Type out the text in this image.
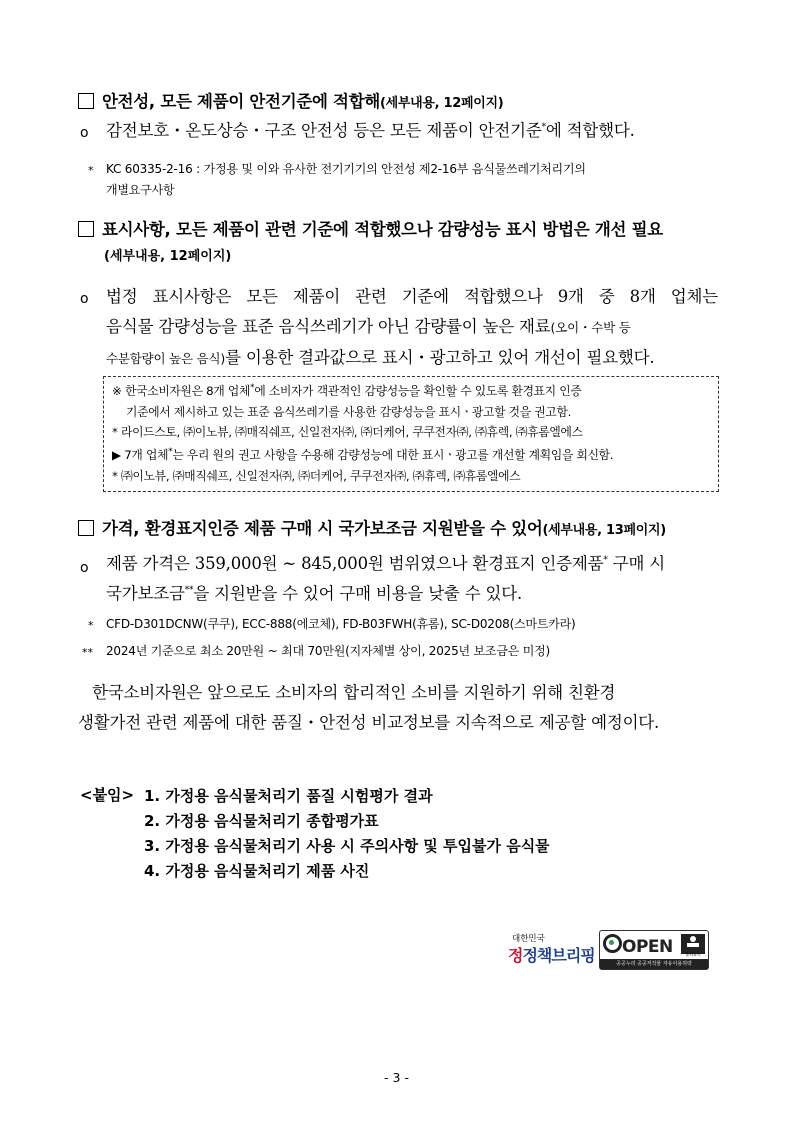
안전성, 모든 제품이 안전기준에 적합해(세부내용, 12페이지)
o 감전보호・온도상승・구조 안전성 등은 모든 제품이 안전기준*에 적합했다.
* KC 60335-2-16 : 가정용 및 이와 유사한 전기기기의 안전성 제2-16부 음식물쓰레기처리기의
개별요구사항
표시사항, 모든 제품이 관련 기준에 적합했으나 감량성능 표시 방법은 개선 필요
(세부내용, 12페이지)
o 법정 표시사항은 모든 제품이 관련 기준에 적합했으나 9개 중 8개 업체는
음식물 감량성능을 표준 음식쓰레기가 아닌 감량률이 높은 재료(오이・수박 등
수분함량이 높은 음식)를 이용한 결과값으로 표시・광고하고 있어 개선이 필요했다.
※ 한국소비자원은 8개 업체*에 소비자가 객관적인 감량성능을 확인할 수 있도록 환경표지 인증
기준에서 제시하고 있는 표준 음식쓰레기를 사용한 감량성능을 표시ㆍ광고할 것을 권고함.
* 라이드스토, ㈜이노뷰, ㈜매직쉐프, 신일전자㈜, ㈜더케어, 쿠쿠전자㈜, ㈜휴렉, ㈜휴롬엘에스
▶ 7개 업체*는 우리 원의 권고 사항을 수용해 감량성능에 대한 표시ㆍ광고를 개선할 계획임을 회신함.
* ㈜이노뷰, ㈜매직쉐프, 신일전자㈜, ㈜더케어, 쿠쿠전자㈜, ㈜휴렉, ㈜휴롬엘에스
가격, 환경표지인증 제품 구매 시 국가보조금 지원받을 수 있어(세부내용, 13페이지)
o 제품 가격은 359,000원 ~ 845,000원 범위였으나 환경표지 인증제품* 구매 시
국가보조금**을 지원받을 수 있어 구매 비용을 낮출 수 있다.
* CFD-D301DCNW(쿠쿠), ECC-888(에코체), FD-B03FWH(휴롬), SC-D0208(스마트카라)
** 2024년 기준으로 최소 20만원 ~ 최대 70만원(지자체별 상이, 2025년 보조금은 미정)
한국소비자원은 앞으로도 소비자의 합리적인 소비를 지원하기 위해 친환경
생활가전 관련 제품에 대한 품질・안전성 비교정보를 지속적으로 제공할 예정이다.
<붙임> 1. 가정용 음식물처리기 품질 시험평가 결과
2. 가정용 음식물처리기 종합평가표
3. 가정용 음식물처리기 사용 시 주의사항 및 투입불가 음식물
4. 가정용 음식물처리기 제품 사진
대한민국
정정책브리핑	OPEN	출처표시
공공누리 공공저작물 자유이용허락
- 3 -
